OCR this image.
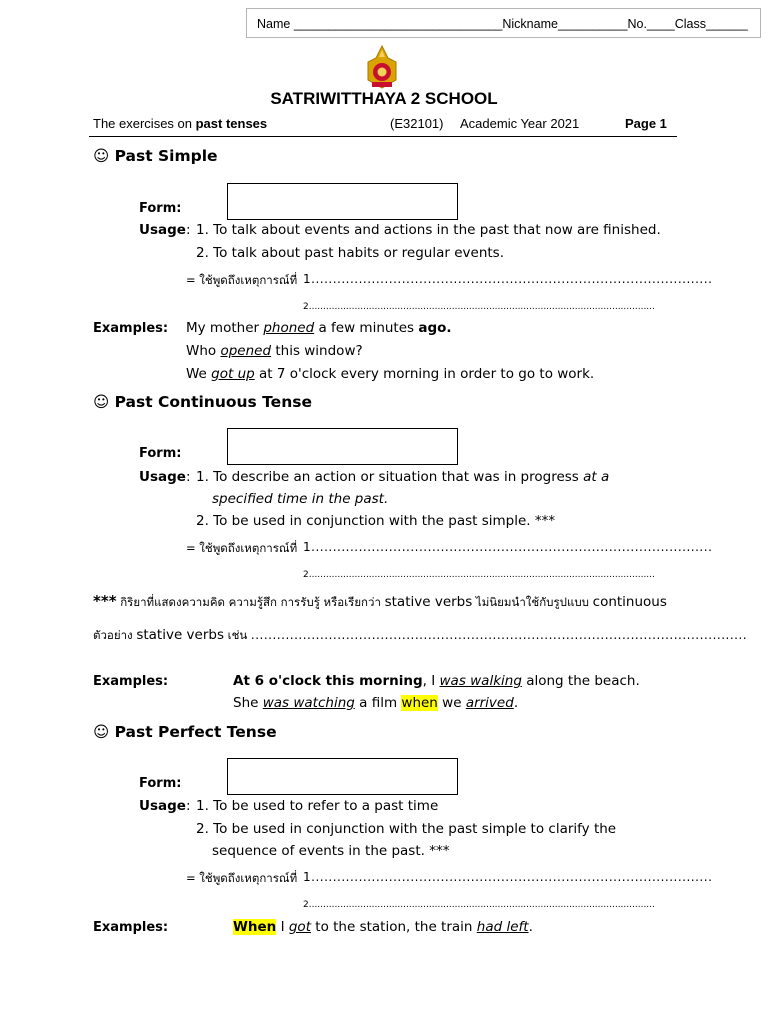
Name ______________________________Nickname__________No.____Class______
SATRIWITTHAYA 2 SCHOOL
The exercises on past tenses	(E32101) Academic Year 2021	Page 1
☺ Past Simple
Form:
Usage: 1. To talk about events and actions in the past that now are finished.
2. To talk about past habits or regular events.
= ใช้พูดถึงเหตุการณ์ที่ 1.............................................................................................
2.........................................................................................................................
Examples: My mother phoned a few minutes ago.
Who opened this window?
We got up at 7 o'clock every morning in order to go to work.
☺ Past Continuous Tense
Form:
Usage: 1. To describe an action or situation that was in progress at a
specified time in the past.
2. To be used in conjunction with the past simple. ***
= ใช้พูดถึงเหตุการณ์ที่ 1.............................................................................................
2.........................................................................................................................
*** กิริยาที่แสดงความคิด ความรู้สึก การรับรู้ หรือเรียกว่า stative verbs ไม่นิยมนำใช้กับรูปแบบ continuous
ตัวอย่าง stative verbs เช่น ...................................................................................................................
Examples:	At 6 o'clock this morning, I was walking along the beach.
She was watching a film when we arrived.
☺ Past Perfect Tense
Form:
Usage: 1. To be used to refer to a past time
2. To be used in conjunction with the past simple to clarify the
sequence of events in the past. ***
= ใช้พูดถึงเหตุการณ์ที่ 1.............................................................................................
2.........................................................................................................................
Examples:	When I got to the station, the train had left.
